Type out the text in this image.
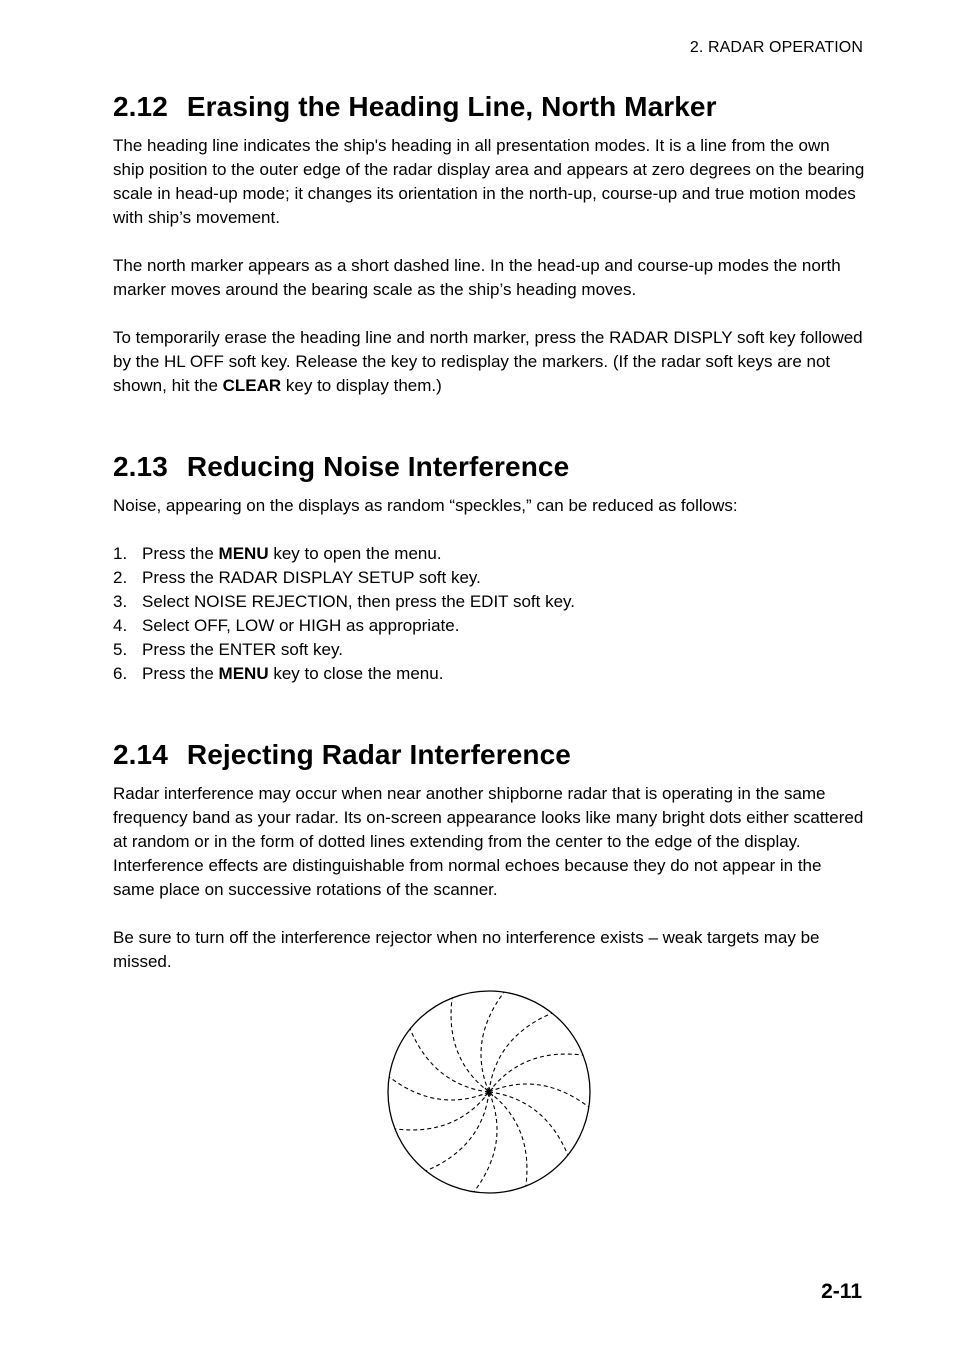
2. RADAR OPERATION
2.12 Erasing the Heading Line, North Marker

The heading line indicates the ship's heading in all presentation modes. It is a line from the own ship position to the outer edge of the radar display area and appears at zero degrees on the bearing scale in head-up mode; it changes its orientation in the north-up, course-up and true motion modes with ship’s movement.

The north marker appears as a short dashed line. In the head-up and course-up modes the north marker moves around the bearing scale as the ship’s heading moves.

To temporarily erase the heading line and north marker, press the RADAR DISPLY soft key followed by the HL OFF soft key. Release the key to redisplay the markers. (If the radar soft keys are not shown, hit the CLEAR key to display them.)

2.13 Reducing Noise Interference

Noise, appearing on the displays as random “speckles,” can be reduced as follows:

1. Press the MENU key to open the menu.
2. Press the RADAR DISPLAY SETUP soft key.
3. Select NOISE REJECTION, then press the EDIT soft key.
4. Select OFF, LOW or HIGH as appropriate.
5. Press the ENTER soft key.
6. Press the MENU key to close the menu.
2.14 Rejecting Radar Interference

Radar interference may occur when near another shipborne radar that is operating in the same frequency band as your radar. Its on-screen appearance looks like many bright dots either scattered at random or in the form of dotted lines extending from the center to the edge of the display. Interference effects are distinguishable from normal echoes because they do not appear in the same place on successive rotations of the scanner.

Be sure to turn off the interference rejector when no interference exists – weak targets may be missed.

2-11
